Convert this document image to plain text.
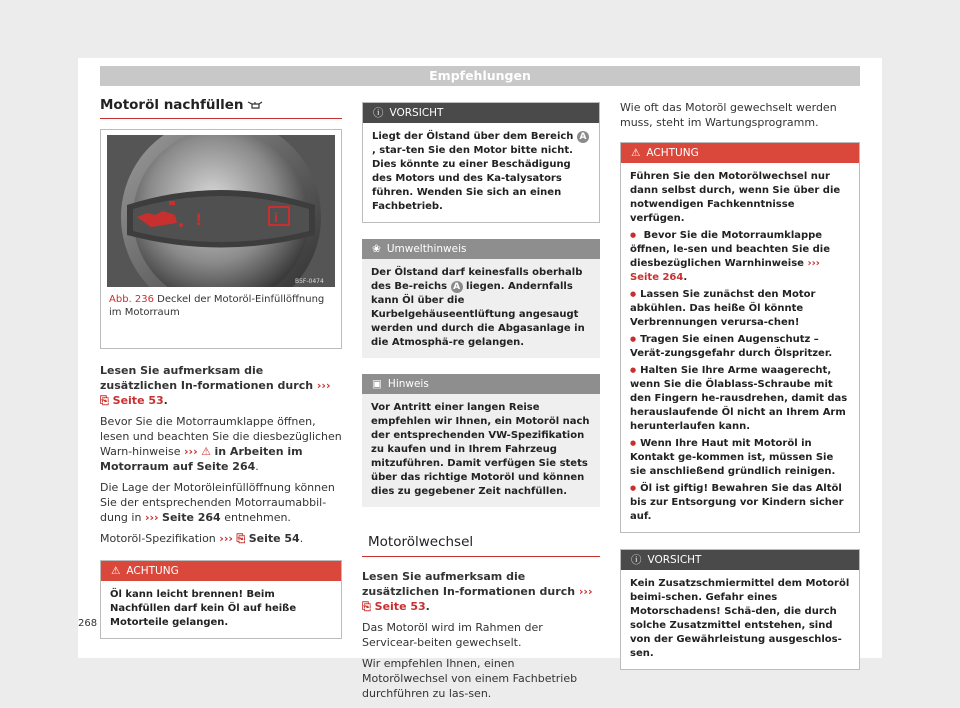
Empfehlungen
Motoröl nachfüllen
!	i
B5F-0474
Abb. 236 Deckel der Motoröl-Einfüllöffnung im Motorraum

Lesen Sie aufmerksam die zusätzlichen In-formationen durch ››› ⎘ Seite 53.

Bevor Sie die Motorraumklappe öffnen, lesen und beachten Sie die diesbezüglichen Warn-hinweise ››› ⚠ in Arbeiten im Motorraum auf Seite 264.

Die Lage der Motoröleinfüllöffnung können Sie der entsprechenden Motorraumabbil-dung in ››› Seite 264 entnehmen.

Motoröl-Spezifikation ››› ⎘ Seite 54.

⚠ ACHTUNG
Öl kann leicht brennen! Beim Nachfüllen darf kein Öl auf heiße Motorteile gelangen.
ⓘ VORSICHT
Liegt der Ölstand über dem Bereich A, star-ten Sie den Motor bitte nicht. Dies könnte zu einer Beschädigung des Motors und des Ka-talysators führen. Wenden Sie sich an einen Fachbetrieb.
❀ Umwelthinweis
Der Ölstand darf keinesfalls oberhalb des Be-reichs A liegen. Andernfalls kann Öl über die Kurbelgehäuseentlüftung angesaugt werden und durch die Abgasanlage in die Atmosphä-re gelangen.
▣ Hinweis
Vor Antritt einer langen Reise empfehlen wir Ihnen, ein Motoröl nach der entsprechenden VW-Spezifikation zu kaufen und in Ihrem Fahrzeug mitzuführen. Damit verfügen Sie stets über das richtige Motoröl und können dies zu gegebener Zeit nachfüllen.
Motorölwechsel

Lesen Sie aufmerksam die zusätzlichen In-formationen durch ››› ⎘ Seite 53.

Das Motoröl wird im Rahmen der Servicear-beiten gewechselt.

Wir empfehlen Ihnen, einen Motorölwechsel von einem Fachbetrieb durchführen zu las-sen.

Wie oft das Motoröl gewechselt werden muss, steht im Wartungsprogramm.

⚠ ACHTUNG
Führen Sie den Motorölwechsel nur dann selbst durch, wenn Sie über die notwendigen Fachkenntnisse verfügen.
● Bevor Sie die Motorraumklappe öffnen, le-sen und beachten Sie die diesbezüglichen Warnhinweise ››› Seite 264.
● Lassen Sie zunächst den Motor abkühlen. Das heiße Öl könnte Verbrennungen verursa-chen!
● Tragen Sie einen Augenschutz – Verät-zungsgefahr durch Ölspritzer.
● Halten Sie Ihre Arme waagerecht, wenn Sie die Ölablass-Schraube mit den Fingern he-rausdrehen, damit das herauslaufende Öl nicht an Ihrem Arm herunterlaufen kann.
● Wenn Ihre Haut mit Motoröl in Kontakt ge-kommen ist, müssen Sie sie anschließend gründlich reinigen.
● Öl ist giftig! Bewahren Sie das Altöl bis zur Entsorgung vor Kindern sicher auf.
ⓘ VORSICHT
Kein Zusatzschmiermittel dem Motoröl beimi-schen. Gefahr eines Motorschadens! Schä-den, die durch solche Zusatzmittel entstehen, sind von der Gewährleistung ausgeschlos-sen.
268
